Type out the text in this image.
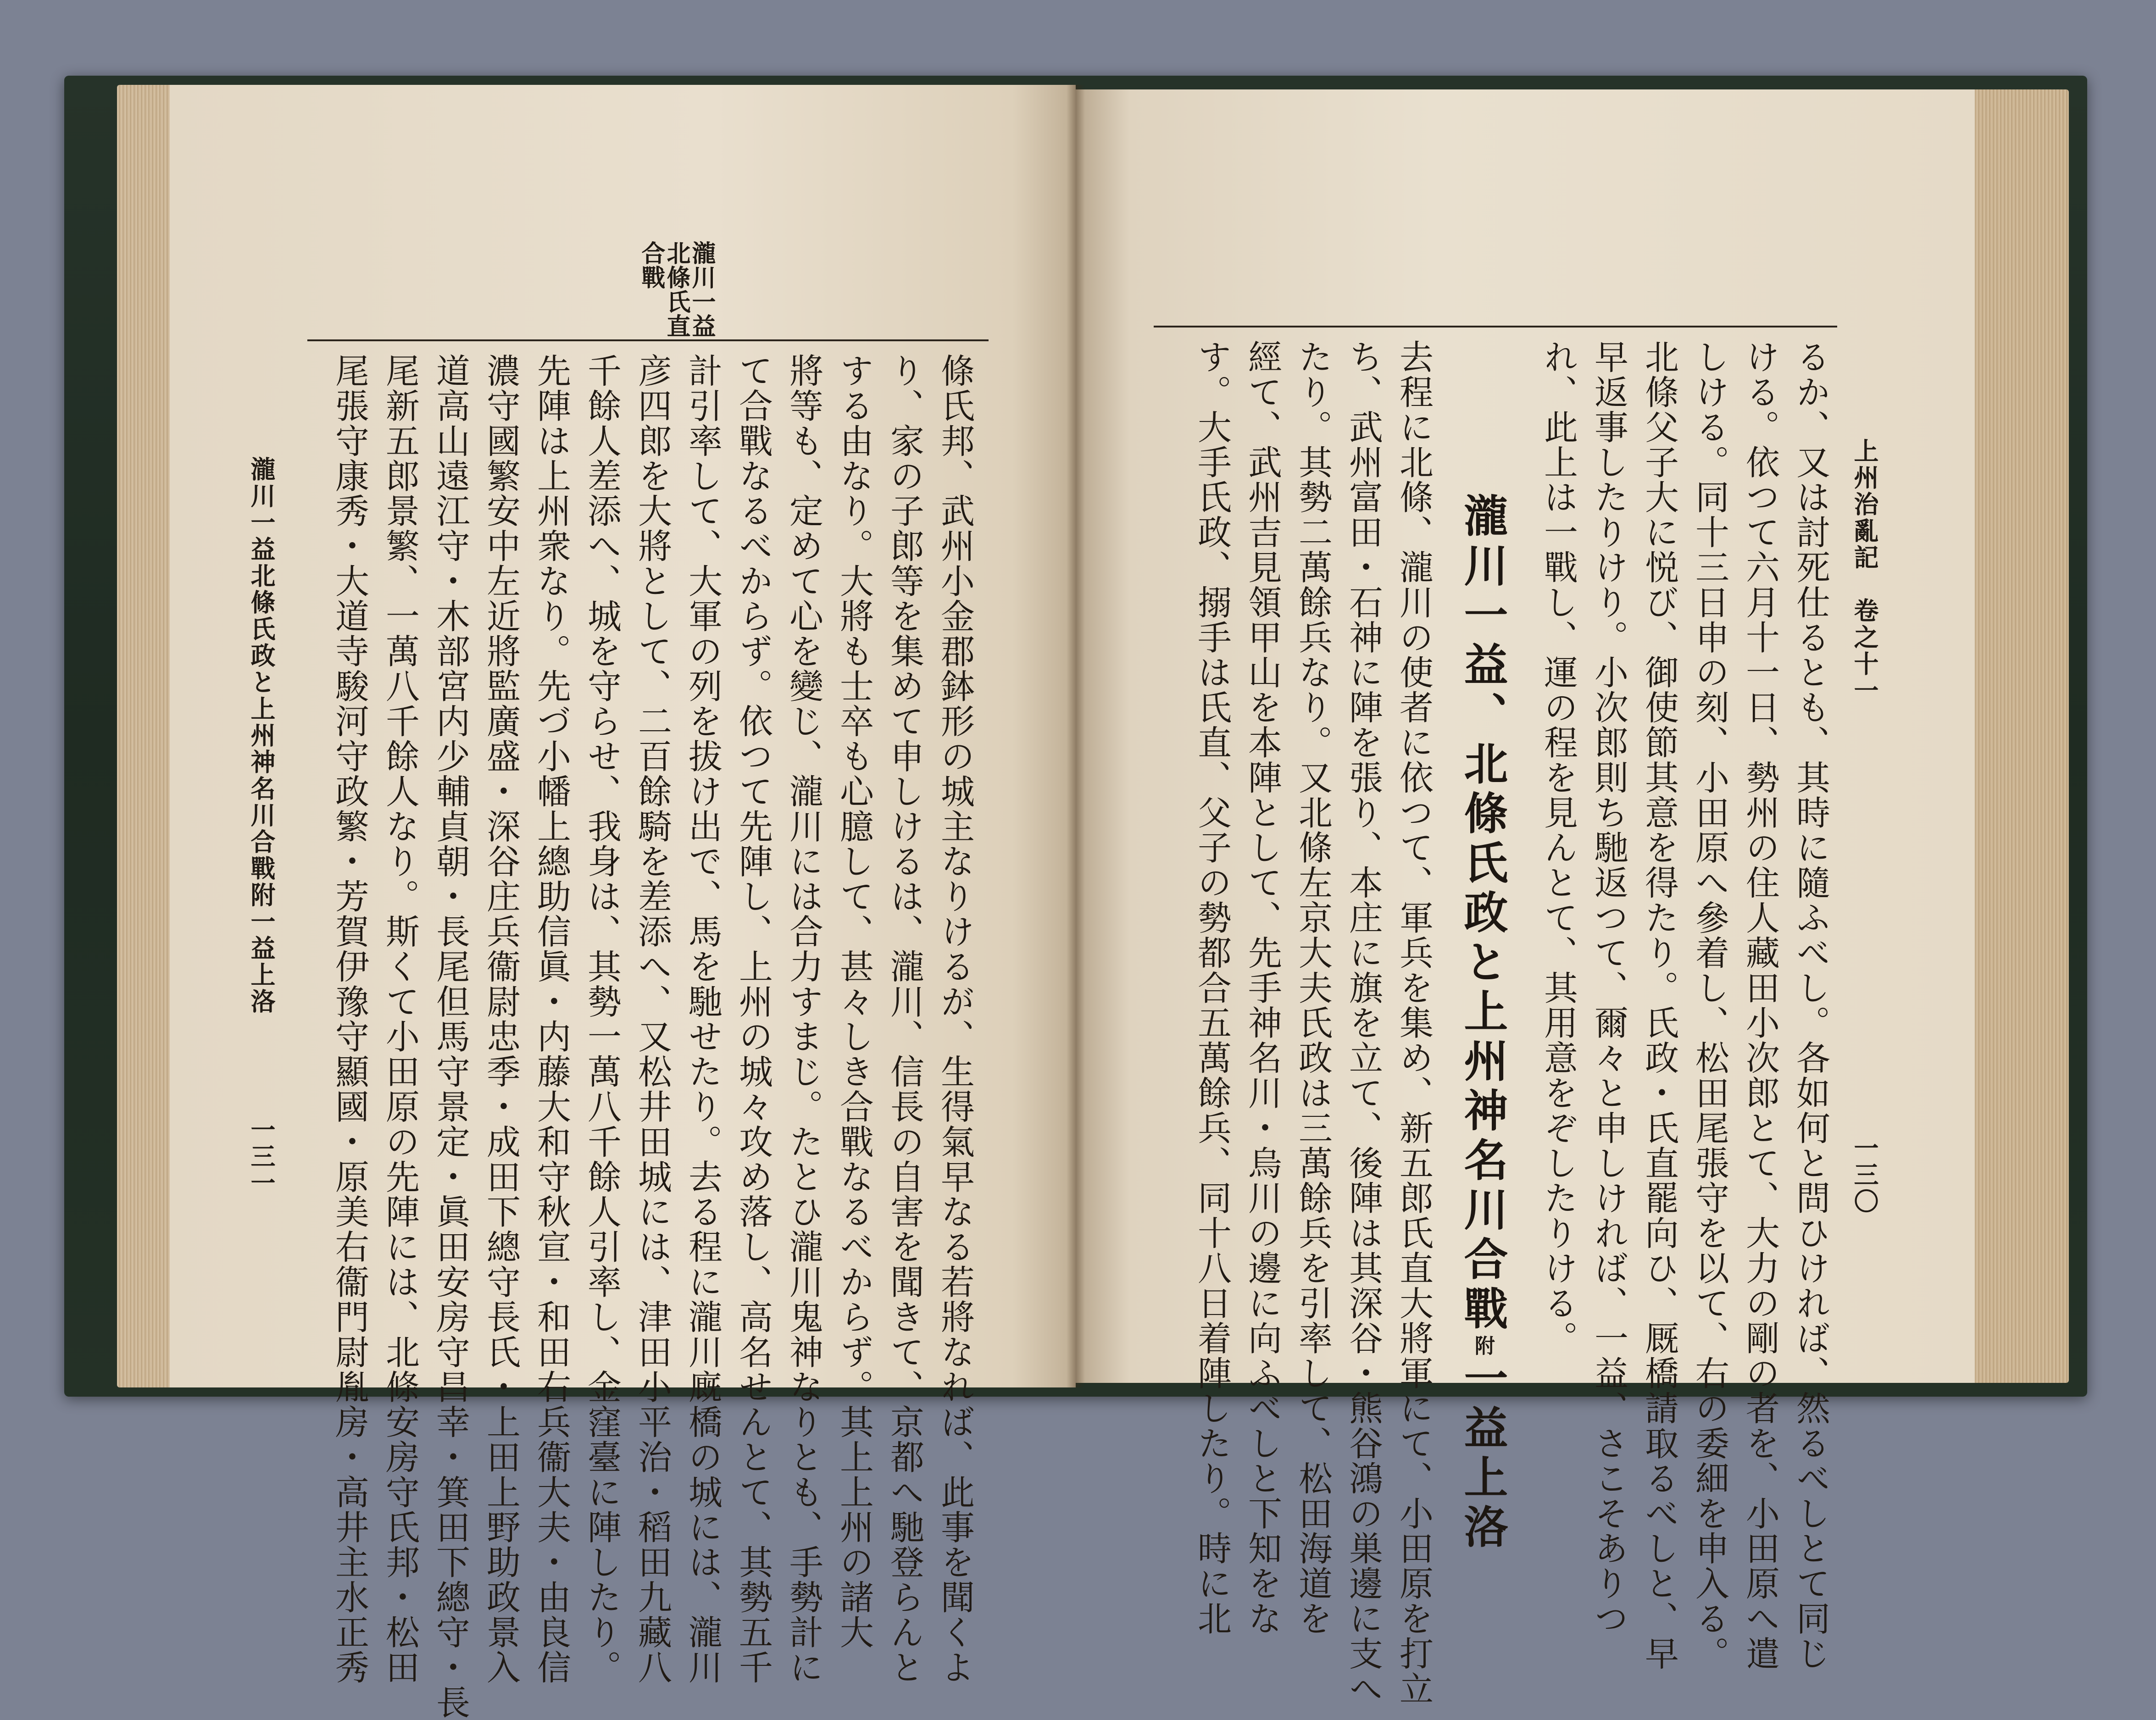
瀧川一益
北條氏直
合戰
條氏邦、武州小金郡鉢形の城主なりけるが、生得氣早なる若將なれば、此事を聞くよ
り、家の子郎等を集めて申しけるは、瀧川、信長の自害を聞きて、京都へ馳登らんと
する由なり。大將も士卒も心臆して、甚々しき合戰なるべからず。其上上州の諸大
將等も、定めて心を變じ、瀧川には合力すまじ。たとひ瀧川鬼神なりとも、手勢計に
て合戰なるべからず。依つて先陣し、上州の城々攻め落し、高名せんとて、其勢五千
計引率して、大軍の列を拔け出で、馬を馳せたり。去る程に瀧川廐橋の城には、瀧川
彦四郎を大將として、二百餘騎を差添へ、又松井田城には、津田小平治・稻田九藏八
千餘人差添へ、城を守らせ、我身は、其勢一萬八千餘人引率し、金窪臺に陣したり。
先陣は上州衆なり。先づ小幡上總助信眞・内藤大和守秋宣・和田右兵衞大夫・由良信
濃守國繁安中左近將監廣盛・深谷庄兵衞尉忠季・成田下總守長氏・上田上野助政景入
道高山遠江守・木部宮内少輔貞朝・長尾但馬守景定・眞田安房守昌幸・箕田下總守・長
尾新五郎景繁、一萬八千餘人なり。斯くて小田原の先陣には、北條安房守氏邦・松田
尾張守康秀・大道寺駿河守政繁・芳賀伊豫守顯國・原美右衞門尉胤房・高井主水正秀
瀧川一益北條氏政と上州神名川合戰附一益上洛
一三一
上州治亂記　卷之十一
一三〇
るか、又は討死仕るとも、其時に隨ふべし。各如何と問ひければ、然るべしとて同じ
ける。依つて六月十一日、勢州の住人藏田小次郎とて、大力の剛の者を、小田原へ遣
しける。同十三日申の刻、小田原へ參着し、松田尾張守を以て、右の委細を申入る。
北條父子大に悦び、御使節其意を得たり。氏政・氏直罷向ひ、厩橋請取るべしと、早
早返事したりけり。小次郎則ち馳返つて、爾々と申しければ、一益、さこそありつ
れ、此上は一戰し、運の程を見んとて、其用意をぞしたりける。
瀧川一益、北條氏政と上州神名川合戰附一益上洛
去程に北條、瀧川の使者に依つて、軍兵を集め、新五郎氏直大將軍にて、小田原を打立
ち、武州富田・石神に陣を張り、本庄に旗を立て、後陣は其深谷・熊谷鴻の巣邊に支へ
たり。其勢二萬餘兵なり。又北條左京大夫氏政は三萬餘兵を引率して、松田海道を
經て、武州吉見領甲山を本陣として、先手神名川・烏川の邊に向ふべしと下知をな
す。大手氏政、搦手は氏直、父子の勢都合五萬餘兵、同十八日着陣したり。時に北
